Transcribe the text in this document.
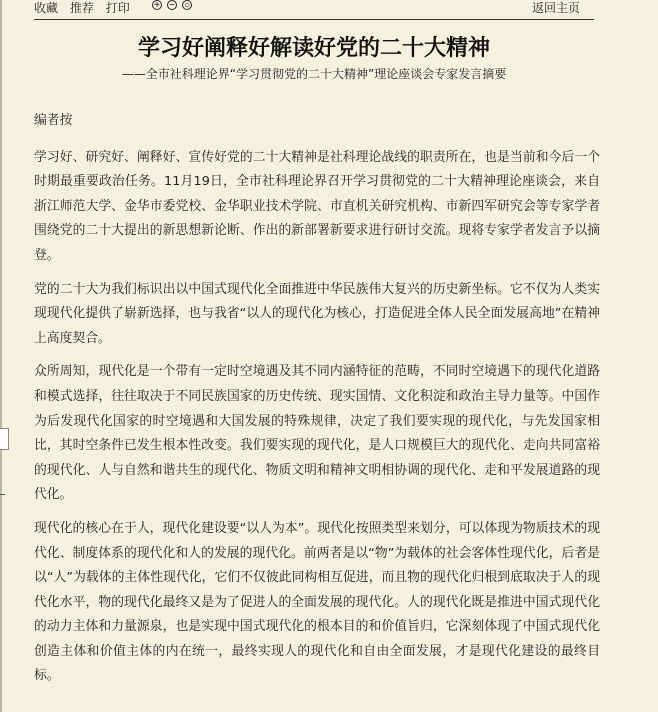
收藏 推荐 打印 + − ○	返回主页
学习好阐释好解读好党的二十大精神
——全市社科理论界“学习贯彻党的二十大精神”理论座谈会专家发言摘要

编者按

学习好、研究好、阐释好、宣传好党的二十大精神是社科理论战线的职责所在，也是当前和今后一个时期最重要政治任务。11月19日，全市社科理论界召开学习贯彻党的二十大精神理论座谈会，来自浙江师范大学、金华市委党校、金华职业技术学院、市直机关研究机构、市新四军研究会等专家学者围绕党的二十大提出的新思想新论断、作出的新部署新要求进行研讨交流。现将专家学者发言予以摘登。

党的二十大为我们标识出以中国式现代化全面推进中华民族伟大复兴的历史新坐标。它不仅为人类实现现代化提供了崭新选择，也与我省“以人的现代化为核心，打造促进全体人民全面发展高地”在精神上高度契合。

众所周知，现代化是一个带有一定时空境遇及其不同内涵特征的范畴，不同时空境遇下的现代化道路和模式选择，往往取决于不同民族国家的历史传统、现实国情、文化积淀和政治主导力量等。中国作为后发现代化国家的时空境遇和大国发展的特殊规律，决定了我们要实现的现代化，与先发国家相比，其时空条件已发生根本性改变。我们要实现的现代化，是人口规模巨大的现代化、走向共同富裕的现代化、人与自然和谐共生的现代化、物质文明和精神文明相协调的现代化、走和平发展道路的现代化。

现代化的核心在于人，现代化建设要“以人为本”。现代化按照类型来划分，可以体现为物质技术的现代化、制度体系的现代化和人的发展的现代化。前两者是以“物”为载体的社会客体性现代化，后者是以“人”为载体的主体性现代化，它们不仅彼此同构相互促进，而且物的现代化归根到底取决于人的现代化水平，物的现代化最终又是为了促进人的全面发展的现代化。人的现代化既是推进中国式现代化的动力主体和力量源泉，也是实现中国式现代化的根本目的和价值旨归，它深刻体现了中国式现代化创造主体和价值主体的内在统一，最终实现人的现代化和自由全面发展，才是现代化建设的最终目标。
